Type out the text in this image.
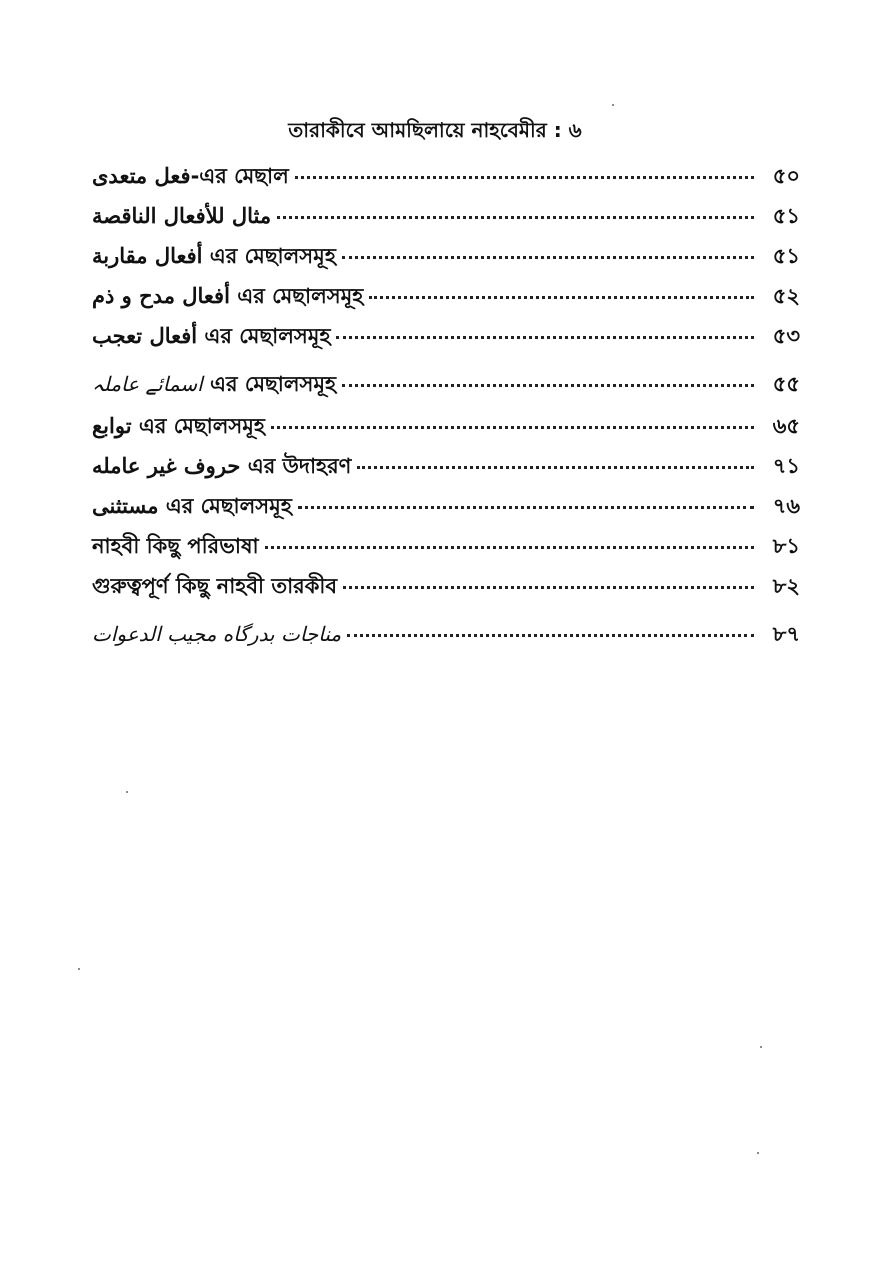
তারাকীবে আমছিলায়ে নাহবেমীর : ৬
فعل متعدى-এর মেছাল	৫০
مثال للأفعال الناقصة	৫১
أفعال مقاربة এর মেছালসমূহ	৫১
أفعال مدح و ذم এর মেছালসমূহ	৫২
أفعال تعجب এর মেছালসমূহ	৫৩
اسمائے عاملہ এর মেছালসমূহ	৫৫
توابع এর মেছালসমূহ	৬৫
حروف غير عامله এর উদাহরণ	৭১
مستثنى এর মেছালসমূহ	৭৬
নাহবী কিছু পরিভাষা	৮১
গুরুত্বপূর্ণ কিছু নাহবী তারকীব	৮২
مناجات بدرگاه مجيب الدعوات	৮৭
